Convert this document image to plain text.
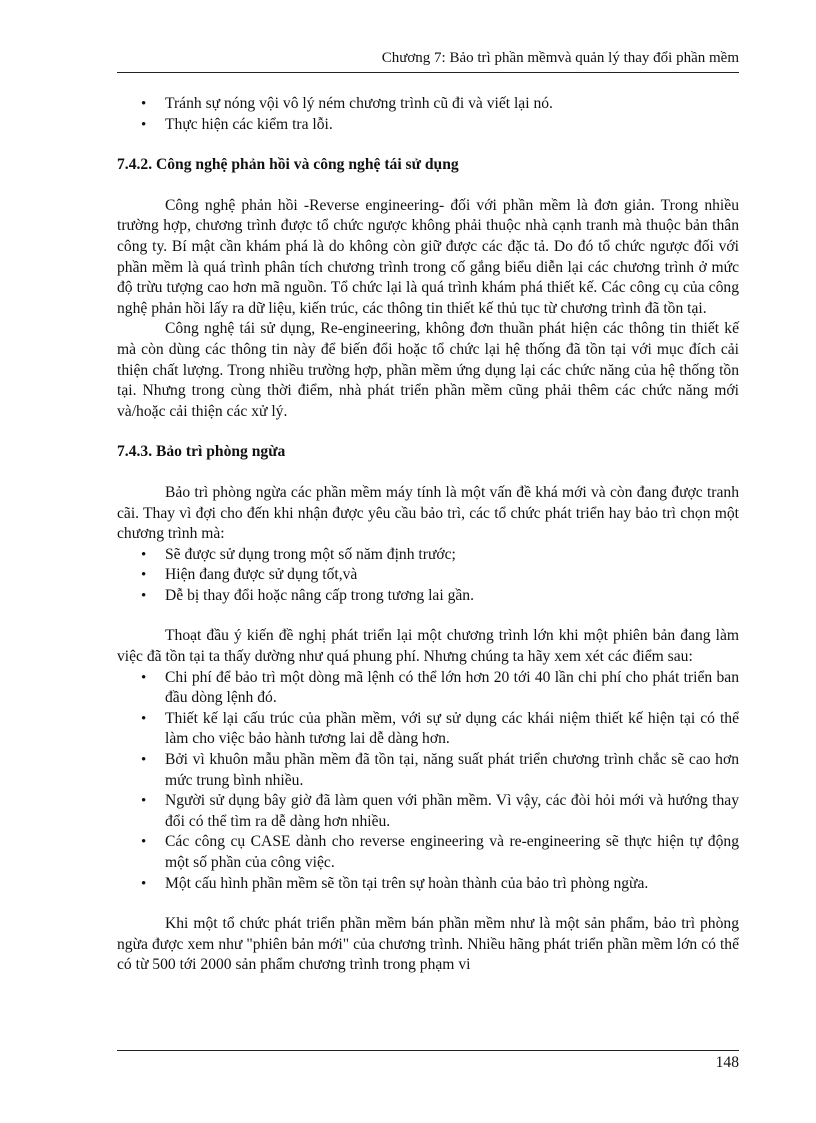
Chương 7: Bảo trì phần mềmvà quản lý thay đổi phần mềm
• Tránh sự nóng vội vô lý ném chương trình cũ đi và viết lại nó.
• Thực hiện các kiểm tra lỗi.
7.4.2. Công nghệ phản hồi và công nghệ tái sử dụng

Công nghệ phản hồi -Reverse engineering- đối với phần mềm là đơn giản. Trong nhiều trường hợp, chương trình được tổ chức ngược không phải thuộc nhà cạnh tranh mà thuộc bản thân công ty. Bí mật cần khám phá là do không còn giữ được các đặc tả. Do đó tổ chức ngược đối với phần mềm là quá trình phân tích chương trình trong cố gắng biểu diễn lại các chương trình ở mức độ trừu tượng cao hơn mã nguồn. Tổ chức lại là quá trình khám phá thiết kế. Các công cụ của công nghệ phản hồi lấy ra dữ liệu, kiến trúc, các thông tin thiết kế thủ tục từ chương trình đã tồn tại.

Công nghệ tái sử dụng, Re-engineering, không đơn thuần phát hiện các thông tin thiết kế mà còn dùng các thông tin này để biến đổi hoặc tổ chức lại hệ thống đã tồn tại với mục đích cải thiện chất lượng. Trong nhiều trường hợp, phần mềm ứng dụng lại các chức năng của hệ thống tồn tại. Nhưng trong cùng thời điểm, nhà phát triển phần mềm cũng phải thêm các chức năng mới và/hoặc cải thiện các xử lý.

7.4.3. Bảo trì phòng ngừa

Bảo trì phòng ngừa các phần mềm máy tính là một vấn đề khá mới và còn đang được tranh cãi. Thay vì đợi cho đến khi nhận được yêu cầu bảo trì, các tổ chức phát triển hay bảo trì chọn một chương trình mà:

• Sẽ được sử dụng trong một số năm định trước;
• Hiện đang được sử dụng tốt,và
• Dễ bị thay đổi hoặc nâng cấp trong tương lai gần.

Thoạt đầu ý kiến đề nghị phát triển lại một chương trình lớn khi một phiên bản đang làm việc đã tồn tại ta thấy dường như quá phung phí. Nhưng chúng ta hãy xem xét các điểm sau:

• Chi phí để bảo trì một dòng mã lệnh có thể lớn hơn 20 tới 40 lần chi phí cho phát triển ban đầu dòng lệnh đó.
• Thiết kế lại cấu trúc của phần mềm, với sự sử dụng các khái niệm thiết kế hiện tại có thể làm cho việc bảo hành tương lai dễ dàng hơn.
• Bởi vì khuôn mẫu phần mềm đã tồn tại, năng suất phát triển chương trình chắc sẽ cao hơn mức trung bình nhiều.
• Người sử dụng bây giờ đã làm quen với phần mềm. Vì vậy, các đòi hỏi mới và hướng thay đổi có thể tìm ra dễ dàng hơn nhiều.
• Các công cụ CASE dành cho reverse engineering và re-engineering sẽ thực hiện tự động một số phần của công việc.
• Một cấu hình phần mềm sẽ tồn tại trên sự hoàn thành của bảo trì phòng ngừa.

Khi một tổ chức phát triển phần mềm bán phần mềm như là một sản phẩm, bảo trì phòng ngừa được xem như "phiên bản mới" của chương trình. Nhiều hãng phát triển phần mềm lớn có thể có từ 500 tới 2000 sản phẩm chương trình trong phạm vi

148
